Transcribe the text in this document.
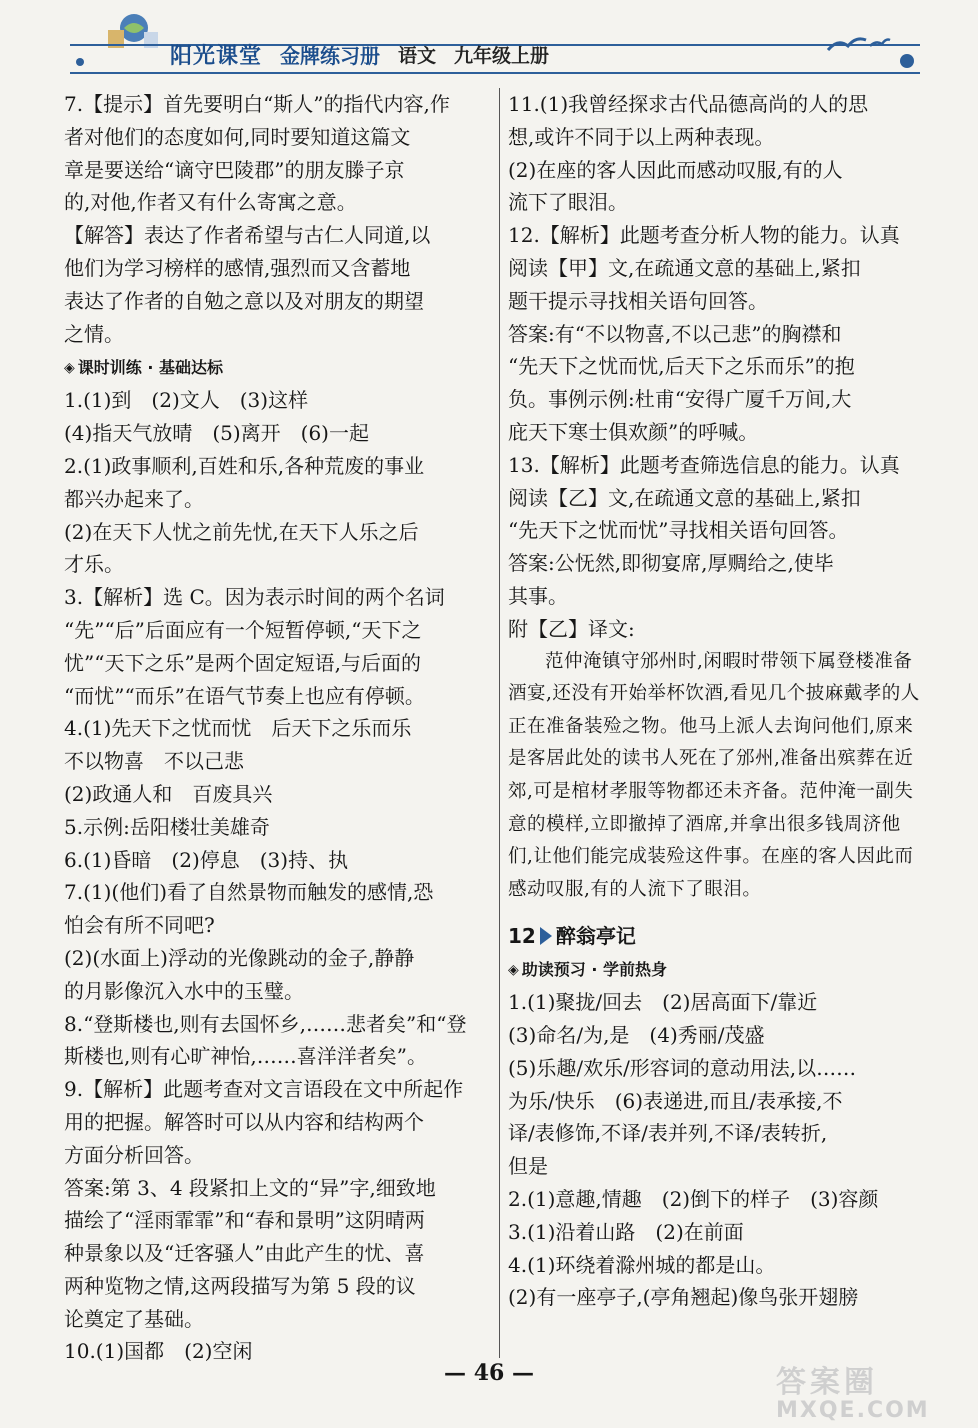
阳光课堂 金牌练习册 语文 九年级上册

7.【提示】首先要明白“斯人”的指代内容,作

者对他们的态度如何,同时要知道这篇文

章是要送给“谪守巴陵郡”的朋友滕子京

的,对他,作者又有什么寄寓之意。

【解答】表达了作者希望与古仁人同道,以

他们为学习榜样的感情,强烈而又含蓄地

表达了作者的自勉之意以及对朋友的期望

之情。

◈ 课时训练 · 基础达标

1.(1)到　(2)文人　(3)这样

(4)指天气放晴　(5)离开　(6)一起

2.(1)政事顺利,百姓和乐,各种荒废的事业

都兴办起来了。

(2)在天下人忧之前先忧,在天下人乐之后

才乐。

3.【解析】选 C。因为表示时间的两个名词

“先”“后”后面应有一个短暂停顿,“天下之

忧”“天下之乐”是两个固定短语,与后面的

“而忧”“而乐”在语气节奏上也应有停顿。

4.(1)先天下之忧而忧　后天下之乐而乐

不以物喜　不以己悲

(2)政通人和　百废具兴

5.示例:岳阳楼壮美雄奇

6.(1)昏暗　(2)停息　(3)持、执

7.(1)(他们)看了自然景物而触发的感情,恐

怕会有所不同吧?

(2)(水面上)浮动的光像跳动的金子,静静

的月影像沉入水中的玉璧。

8.“登斯楼也,则有去国怀乡,……悲者矣”和“登

斯楼也,则有心旷神怡,……喜洋洋者矣”。

9.【解析】此题考查对文言语段在文中所起作

用的把握。解答时可以从内容和结构两个

方面分析回答。

答案:第 3、4 段紧扣上文的“异”字,细致地

描绘了“淫雨霏霏”和“春和景明”这阴晴两

种景象以及“迁客骚人”由此产生的忧、喜

两种览物之情,这两段描写为第 5 段的议

论奠定了基础。

10.(1)国都　(2)空闲

11.(1)我曾经探求古代品德高尚的人的思

想,或许不同于以上两种表现。

(2)在座的客人因此而感动叹服,有的人

流下了眼泪。

12.【解析】此题考查分析人物的能力。认真

阅读【甲】文,在疏通文意的基础上,紧扣

题干提示寻找相关语句回答。

答案:有“不以物喜,不以己悲”的胸襟和

“先天下之忧而忧,后天下之乐而乐”的抱

负。事例示例:杜甫“安得广厦千万间,大

庇天下寒士俱欢颜”的呼喊。

13.【解析】此题考查筛选信息的能力。认真

阅读【乙】文,在疏通文意的基础上,紧扣

“先天下之忧而忧”寻找相关语句回答。

答案:公怃然,即彻宴席,厚赒给之,使毕

其事。

附【乙】译文:

范仲淹镇守邠州时,闲暇时带领下属登楼准备酒宴,还没有开始举杯饮酒,看见几个披麻戴孝的人正在准备装殓之物。他马上派人去询问他们,原来是客居此处的读书人死在了邠州,准备出殡葬在近郊,可是棺材孝服等物都还未齐备。范仲淹一副失意的模样,立即撤掉了酒席,并拿出很多钱周济他们,让他们能完成装殓这件事。在座的客人因此而感动叹服,有的人流下了眼泪。

12 醉翁亭记
◈ 助读预习 · 学前热身

1.(1)聚拢/回去　(2)居高面下/靠近

(3)命名/为,是　(4)秀丽/茂盛

(5)乐趣/欢乐/形容词的意动用法,以……

为乐/快乐　(6)表递进,而且/表承接,不

译/表修饰,不译/表并列,不译/表转折,

但是

2.(1)意趣,情趣　(2)倒下的样子　(3)容颜

3.(1)沿着山路　(2)在前面

4.(1)环绕着滁州城的都是山。

(2)有一座亭子,(亭角翘起)像鸟张开翅膀

— 46 —	答案圈
MXQE.COM
